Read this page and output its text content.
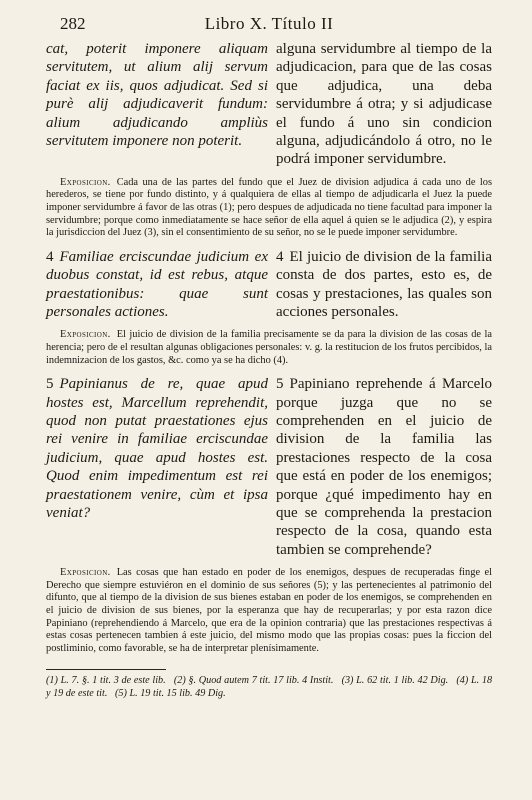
282	Libro X. Título II
cat, poterit imponere aliquam servitutem, ut alium alij servum faciat ex iis, quos adjudicat. Sed si purè alij adjudicaverit fundum: alium adjudicando ampliùs servitutem imponere non poterit.
alguna servidumbre al tiempo de la adjudicacion, para que de las cosas que adjudica, una deba servidumbre á otra; y si adjudicase el fundo á uno sin condicion alguna, adjudicándolo á otro, no le podrá imponer servidumbre.
Exposicion. Cada una de las partes del fundo que el Juez de division adjudica á cada uno de los herederos, se tiene por fundo distinto, y á qualquiera de ellas al tiempo de adjudicarla el Juez la puede imponer servidumbre á favor de las otras (1); pero despues de adjudicada no tiene facultad para imponer la servidumbre; porque como inmediatamente se hace señor de ella aquel á quien se le adjudica (2), y espira la jurisdiccion del Juez (3), sin el consentimiento de su señor, no se le puede imponer servidumbre.
4 Familiae erciscundae judicium ex duobus constat, id est rebus, atque praestationibus: quae sunt personales actiones.
4 El juicio de division de la familia consta de dos partes, esto es, de cosas y prestaciones, las quales son acciones personales.
Exposicion. El juicio de division de la familia precisamente se da para la division de las cosas de la herencia; pero de el resultan algunas obligaciones personales: v. g. la restitucion de los frutos percibidos, la indemnizacion de los gastos, &c. como ya se ha dicho (4).
5 Papinianus de re, quae apud hostes est, Marcellum reprehendit, quod non putat praestationes ejus rei venire in familiae erciscundae judicium, quae apud hostes est. Quod enim impedimentum est rei praestationem venire, cùm et ipsa veniat?
5 Papiniano reprehende á Marcelo porque juzga que no se comprehenden en el juicio de division de la familia las prestaciones respecto de la cosa que está en poder de los enemigos; porque ¿qué impedimento hay en que se comprehenda la prestacion respecto de la cosa, quando esta tambien se comprehende?
Exposicion. Las cosas que han estado en poder de los enemigos, despues de recuperadas finge el Derecho que siempre estuviéron en el dominio de sus señores (5); y las pertenecientes al patrimonio del difunto, que al tiempo de la division de sus bienes estaban en poder de los enemigos, se comprehenden en el juicio de division de sus bienes, por la esperanza que hay de recuperarlas; y por esta razon dice Papiniano (reprehendiendo á Marcelo, que era de la opinion contraria) que las prestaciones respectivas á estas cosas pertenecen tambien á este juicio, del mismo modo que las propias cosas: pues la ficcion del postliminio, como favorable, se ha de interpretar plenísimamente.
(1) L. 7. §. 1 tit. 3 de este lib. (2) §. Quod autem 7 tit. 17 lib. 4 Instit. (3) L. 62 tit. 1 lib. 42 Dig. (4) L. 18 y 19 de este tit. (5) L. 19 tit. 15 lib. 49 Dig.
